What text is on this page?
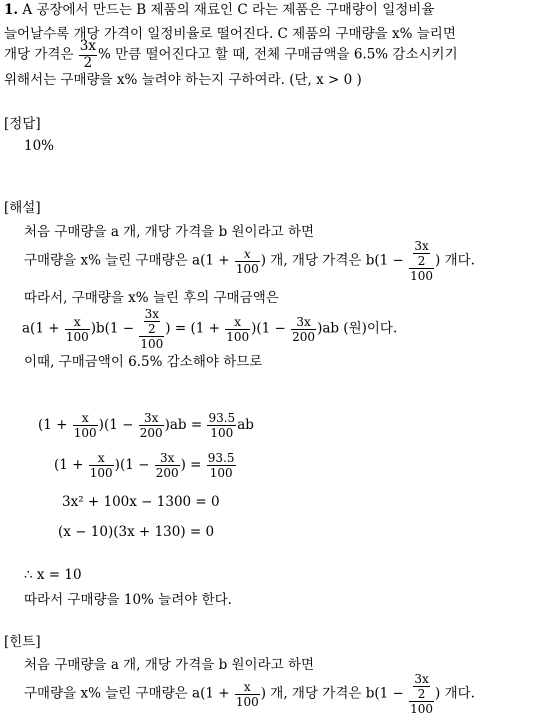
1. A 공장에서 만드는 B 제품의 재료인 C 라는 제품은 구매량이 일정비율
늘어날수록 개당 가격이 일정비율로 떨어진다. C 제품의 구매량을 x% 늘리면
개당 가격은 $\frac{3x}{2}$ % 만큼 떨어진다고 할 때, 전체 구매금액을 6.5% 감소시키기
위해서는 구매량을 x% 늘려야 하는지 구하여라. (단, x > 0 )
[정답]
10%
[해설]
처음 구매량을 a 개, 개당 가격을 b 원이라고 하면
구매량을 x% 늘린 구매량은 $a(1 + \frac{x}{100}$ ) 개, 개당 가격은 $b(1 - \frac{\frac{3x}{2}}{100}$ ) 개다.
따라서, 구매량을 x% 늘린 후의 구매금액은
$a(1 + \frac{x}{100} )b(1 - \frac{\frac{3x}{2}}{100}$ ) = $(1 + \frac{x}{100} )(1 - \frac{3x}{200} )ab$ (원)이다.
이때, 구매금액이 6.5% 감소해야 하므로
$(1 + \frac{x}{100} )(1 - \frac{3x}{200} )ab = \frac{93.5}{100}$ ab
$(1 + \frac{x}{100} )(1 - \frac{3x}{200}$ ) = $\frac{93.5}{100}$
3x² + 100x − 1300 = 0
(x − 10)(3x + 130) = 0
∴ x = 10
따라서 구매량을 10% 늘려야 한다.
[힌트]
처음 구매량을 a 개, 개당 가격을 b 원이라고 하면
구매량을 x% 늘린 구매량은 $a(1 + \frac{x}{100}$ ) 개, 개당 가격은 $b(1 - \frac{\frac{3x}{2}}{100}$ ) 개다.
